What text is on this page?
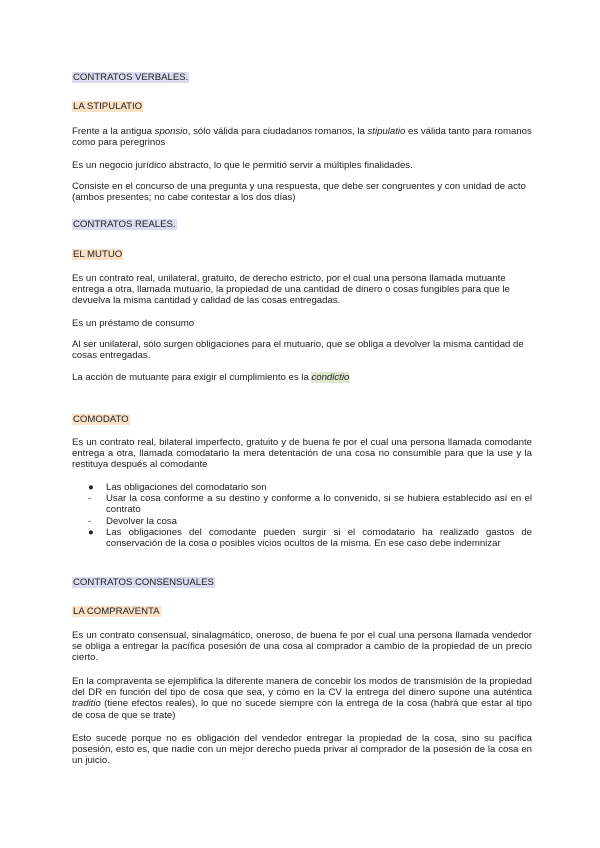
CONTRATOS VERBALES.
LA STIPULATIO

Frente a la antigua sponsio, sólo válida para ciudadanos romanos, la stipulatio es válida tanto para romanos como para peregrinos

Es un negocio jurídico abstracto, lo que le permitió servir a múltiples finalidades.

Consiste en el concurso de una pregunta y una respuesta, que debe ser congruentes y con unidad de acto (ambos presentes; no cabe contestar a los dos días)

CONTRATOS REALES.
EL MUTUO

Es un contrato real, unilateral, gratuito, de derecho estricto, por el cual una persona llamada mutuante entrega a otra, llamada mutuario, la propiedad de una cantidad de dinero o cosas fungibles para que le devuelva la misma cantidad y calidad de las cosas entregadas.

Es un préstamo de consumo

Al ser unilateral, sólo surgen obligaciones para el mutuario, que se obliga a devolver la misma cantidad de cosas entregadas.

La acción de mutuante para exigir el cumplimiento es la condictio

COMODATO

Es un contrato real, bilateral imperfecto, gratuito y de buena fe por el cual una persona llamada comodante entrega a otra, llamada comodatario la mera detentación de una cosa no consumible para que la use y la restituya después al comodante

●	Las obligaciones del comodatario son
-	Usar la cosa conforme a su destino y conforme a lo convenido, si se hubiera establecido así en el contrato
-	Devolver la cosa
●	Las obligaciones del comodante pueden surgir si el comodatario ha realizado gastos de conservación de la cosa o posibles vicios ocultos de la misma. En ese caso debe indemnizar
CONTRATOS CONSENSUALES
LA COMPRAVENTA

Es un contrato consensual, sinalagmático, oneroso, de buena fe por el cual una persona llamada vendedor se obliga a entregar la pacífica posesión de una cosa al comprador a cambio de la propiedad de un precio cierto.

En la compraventa se ejemplifica la diferente manera de concebir los modos de transmisión de la propiedad del DR en función del tipo de cosa que sea, y cómo en la CV la entrega del dinero supone una auténtica traditio (tiene efectos reales), lo que no sucede siempre con la entrega de la cosa (habrá que estar al tipo de cosa de que se trate)

Esto sucede porque no es obligación del vendedor entregar la propiedad de la cosa, sino su pacífica posesión, esto es, que nadie con un mejor derecho pueda privar al comprador de la posesión de la cosa en un juicio.
